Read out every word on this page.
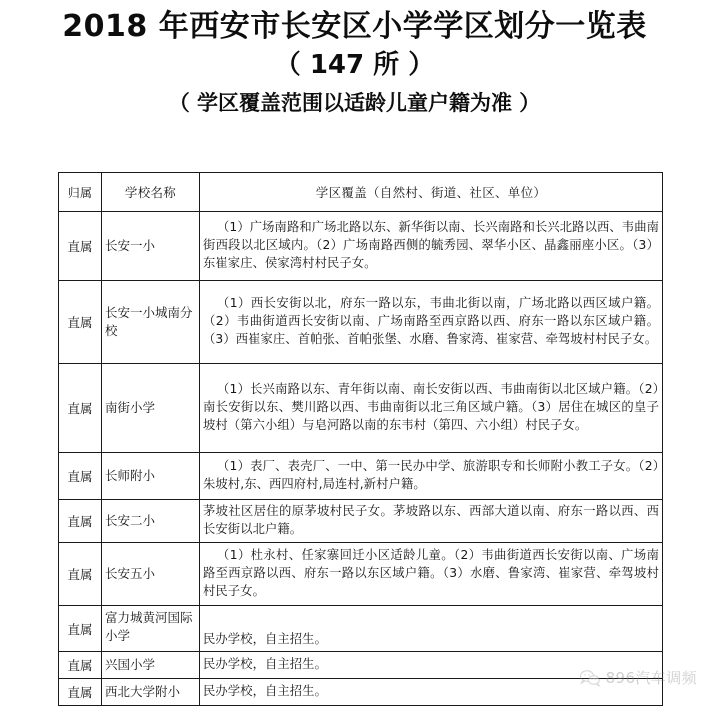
2018 年西安市长安区小学学区划分一览表
（ 147 所 ）
（ 学区覆盖范围以适龄儿童户籍为准 ）
归属	学校名称	学区覆盖（自然村、街道、社区、单位）
直属	长安一小	（1）广场南路和广场北路以东、新华街以南、长兴南路和长兴北路以西、韦曲南街西段以北区域内。（2）广场南路西侧的毓秀园、翠华小区、晶鑫丽座小区。（3）东崔家庄、侯家湾村村民子女。
直属	长安一小城南分校	（1）西长安街以北，府东一路以东，韦曲北街以南，广场北路以西区域户籍。（2）韦曲街道西长安街以南、广场南路至西京路以西、府东一路以东区域户籍。（3）西崔家庄、首帕张、首帕张堡、水磨、鲁家湾、崔家营、牵驾坡村村民子女。
直属	南街小学	（1）长兴南路以东、青年街以南、南长安街以西、韦曲南街以北区域户籍。（2）南长安街以东、樊川路以西、韦曲南街以北三角区域户籍。（3）居住在城区的皇子坡村（第六小组）与皂河路以南的东韦村（第四、六小组）村民子女。
直属	长师附小	（1）表厂、表壳厂、一中、第一民办中学、旅游职专和长师附小教工子女。（2）朱坡村,东、西四府村,局连村,新村户籍。
直属	长安二小	茅坡社区居住的原茅坡村民子女。茅坡路以东、西部大道以南、府东一路以西、西长安街以北户籍。
直属	长安五小	（1）杜永村、任家寨回迁小区适龄儿童。（2）韦曲街道西长安街以南、广场南路至西京路以西、府东一路以东区域户籍。（3）水磨、鲁家湾、崔家营、牵驾坡村村民子女。
直属	富力城黄河国际小学	民办学校，自主招生。
直属	兴国小学	民办学校，自主招生。
直属	西北大学附小	民办学校，自主招生。
896汽车调频
